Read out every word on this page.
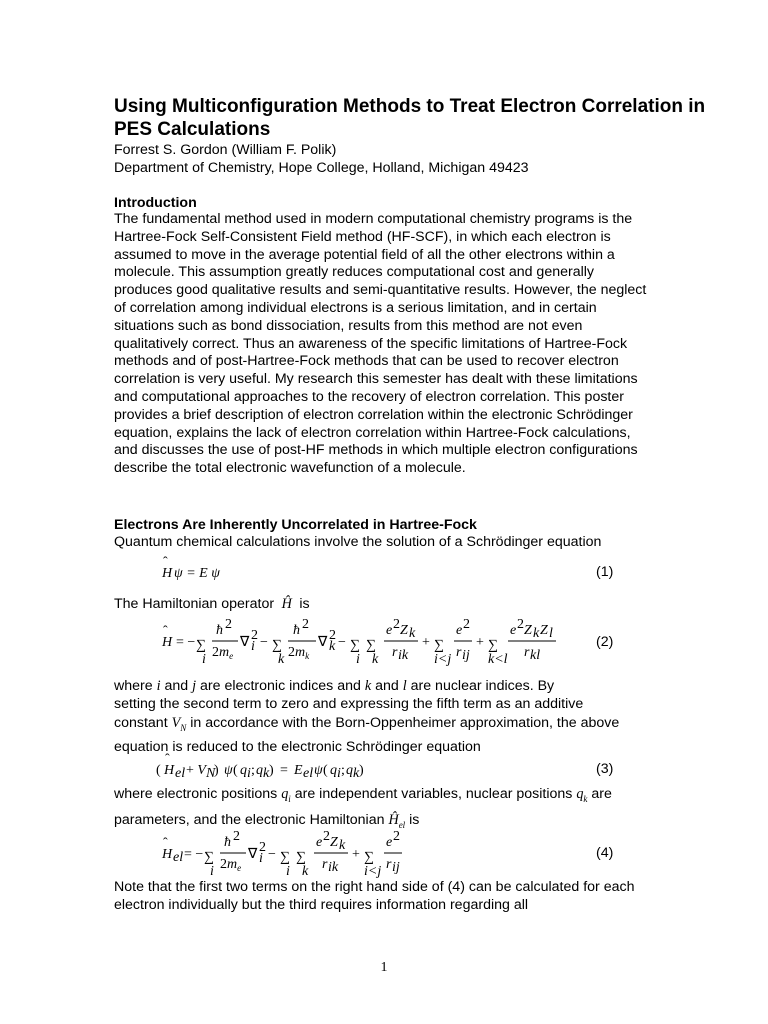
Using Multiconfiguration Methods to Treat Electron Correlation in PES Calculations
Forrest S. Gordon (William F. Polik)
Department of Chemistry, Hope College, Holland, Michigan 49423
Introduction
The fundamental method used in modern computational chemistry programs is the Hartree-Fock Self-Consistent Field method (HF-SCF), in which each electron is assumed to move in the average potential field of all the other electrons within a molecule. This assumption greatly reduces computational cost and generally produces good qualitative results and semi-quantitative results. However, the neglect of correlation among individual electrons is a serious limitation, and in certain situations such as bond dissociation, results from this method are not even qualitatively correct. Thus an awareness of the specific limitations of Hartree-Fock methods and of post-Hartree-Fock methods that can be used to recover electron correlation is very useful. My research this semester has dealt with these limitations and computational approaches to the recovery of electron correlation. This poster provides a brief description of electron correlation within the electronic Schrödinger equation, explains the lack of electron correlation within Hartree-Fock calculations, and discusses the use of post-HF methods in which multiple electron configurations describe the total electronic wavefunction of a molecule.
Electrons Are Inherently Uncorrelated in Hartree-Fock
Quantum chemical calculations involve the solution of a Schrödinger equation
H
ˆ
ψ = E ψ	(1)
The Hamiltonian operator  Ĥ  is
H
ˆ
= − ∑
i
ħ 2
$2m_e$
∇ 2
i − ∑
k
ħ 2
$2m_k$
∇ 2
k − ∑
i
∑
k
e 2 Z k
r ik
+ ∑
i<j
e 2
r ij
+ ∑
k<l
e 2 Z k Z l
r kl
(2)
where i and j are electronic indices and k and l are nuclear indices. By
setting the second term to zero and expressing the fifth term as an additive
constant $V_N$ in accordance with the Born-Oppenheimer approximation, the above
equation is reduced to the electronic Schrödinger equation
( H
ˆ
el + V N
) ψ ( q i ; q k ) = E el ψ ( q i ; q k )	(3)
where electronic positions $q_i$ are independent variables, nuclear positions $q_k$ are
parameters, and the electronic Hamiltonian $Ĥ_{el}$ is
H
ˆ
el = − ∑
i
ħ 2
$2m_e$
∇ 2
i − ∑
i
∑
k
e 2 Z k
r ik
+ ∑
i<j
e 2
r ij
(4)
Note that the first two terms on the right hand side of (4) can be calculated for each electron individually but the third requires information regarding all
1
